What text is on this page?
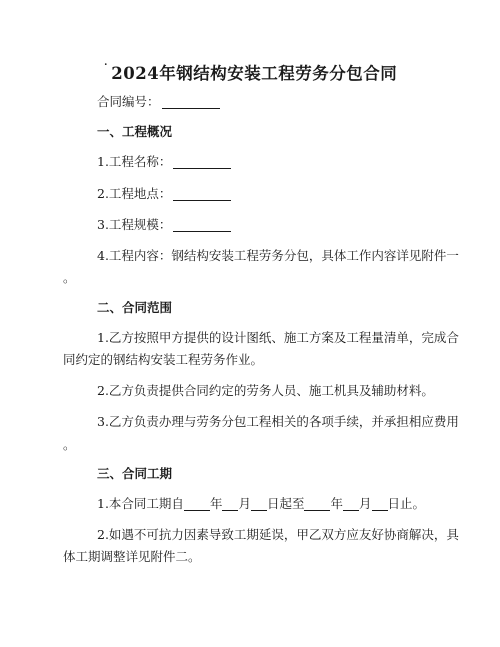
˙ 2024年钢结构安装工程劳务分包合同
合同编号：
一、工程概况
1.工程名称：
2.工程地点：
3.工程规模：
4.工程内容：钢结构安装工程劳务分包，具体工作内容详见附件一
。
二、合同范围
1.乙方按照甲方提供的设计图纸、施工方案及工程量清单，完成合
同约定的钢结构安装工程劳务作业。
2.乙方负责提供合同约定的劳务人员、施工机具及辅助材料。
3.乙方负责办理与劳务分包工程相关的各项手续，并承担相应费用
。
三、合同工期
1.本合同工期自 年 月 日起至 年 月 日止。
2.如遇不可抗力因素导致工期延误，甲乙双方应友好协商解决，具
体工期调整详见附件二。
